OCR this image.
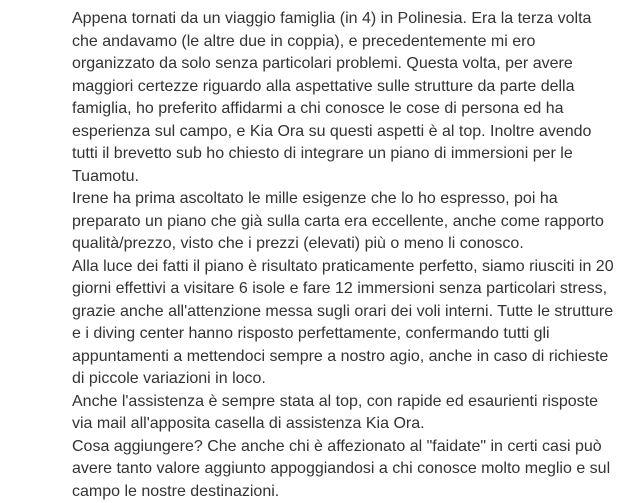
Appena tornati da un viaggio famiglia (in 4) in Polinesia. Era la terza volta
che andavamo (le altre due in coppia), e precedentemente mi ero
organizzato da solo senza particolari problemi. Questa volta, per avere
maggiori certezze riguardo alla aspettative sulle strutture da parte della
famiglia, ho preferito affidarmi a chi conosce le cose di persona ed ha
esperienza sul campo, e Kia Ora su questi aspetti è al top. Inoltre avendo
tutti il brevetto sub ho chiesto di integrare un piano di immersioni per le
Tuamotu.

Irene ha prima ascoltato le mille esigenze che lo ho espresso, poi ha
preparato un piano che già sulla carta era eccellente, anche come rapporto
qualità/prezzo, visto che i prezzi (elevati) più o meno li conosco.

Alla luce dei fatti il piano è risultato praticamente perfetto, siamo riusciti in 20
giorni effettivi a visitare 6 isole e fare 12 immersioni senza particolari stress,
grazie anche all'attenzione messa sugli orari dei voli interni. Tutte le strutture
e i diving center hanno risposto perfettamente, confermando tutti gli
appuntamenti a mettendoci sempre a nostro agio, anche in caso di richieste
di piccole variazioni in loco.

Anche l'assistenza è sempre stata al top, con rapide ed esaurienti risposte
via mail all'apposita casella di assistenza Kia Ora.

Cosa aggiungere? Che anche chi è affezionato al "faidate" in certi casi può
avere tanto valore aggiunto appoggiandosi a chi conosce molto meglio e sul
campo le nostre destinazioni.
